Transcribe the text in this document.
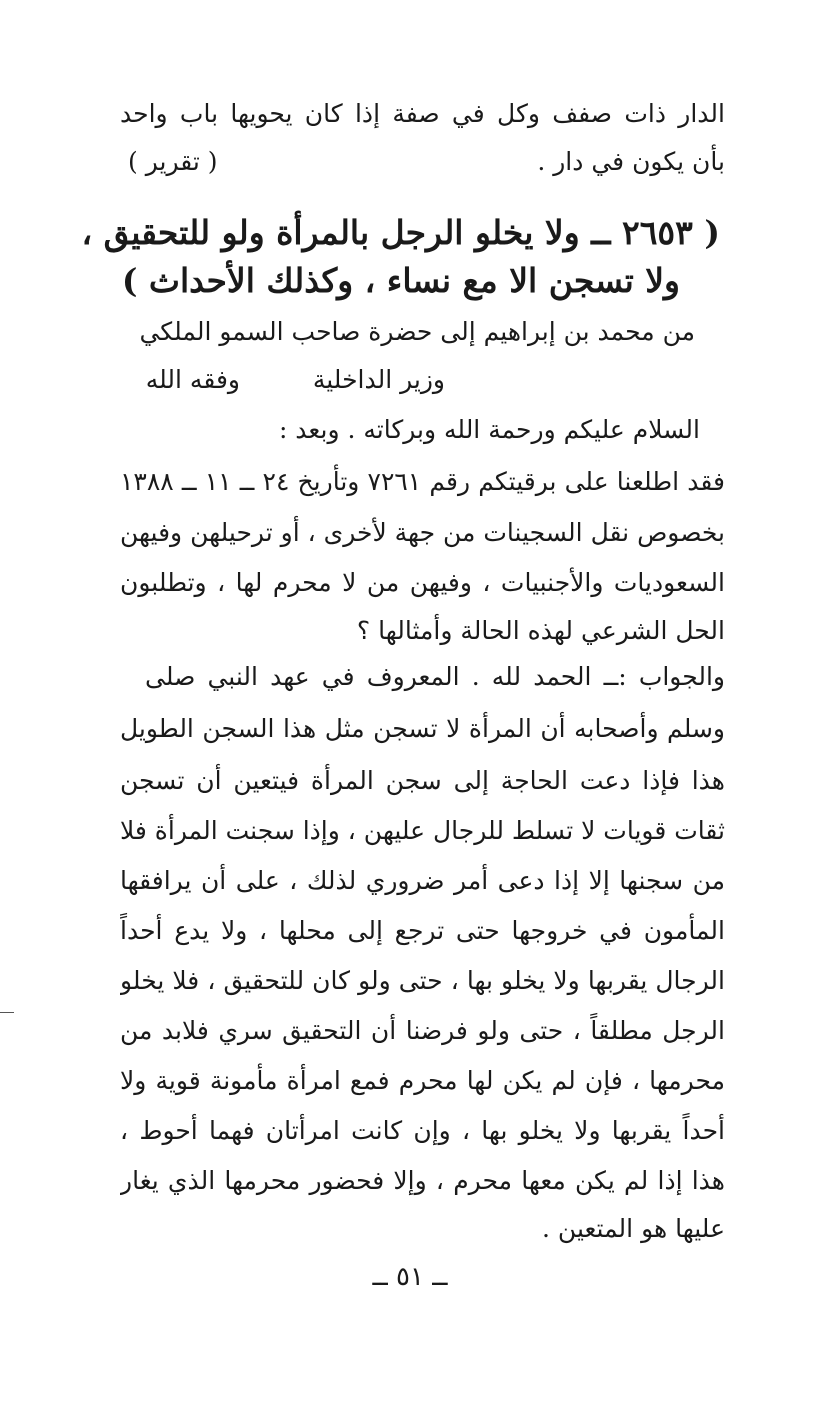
الدار ذات صفف وكل في صفة إذا كان يحويها باب واحد
بأن يكون في دار .
( تقرير )
( ٢٦٥٣ ــ ولا يخلو الرجل بالمرأة ولو للتحقيق ،
ولا تسجن الا مع نساء ، وكذلك الأحداث )
من محمد بن إبراهيم إلى حضرة صاحب السمو الملكي
وزير الداخلية
وفقه الله
السلام عليكم ورحمة الله وبركاته . وبعد :
فقد اطلعنا على برقيتكم رقم ٧٢٦١ وتأريخ ٢٤ ــ ١١ ــ ١٣٨٨
بخصوص نقل السجينات من جهة لأخرى ، أو ترحيلهن وفيهن
السعوديات والأجنبيات ، وفيهن من لا محرم لها ، وتطلبون
الحل الشرعي لهذه الحالة وأمثالها ؟
والجواب :ــ الحمد لله . المعروف في عهد النبي صلى
وسلم وأصحابه أن المرأة لا تسجن مثل هذا السجن الطويل
هذا فإذا دعت الحاجة إلى سجن المرأة فيتعين أن تسجن
ثقات قويات لا تسلط للرجال عليهن ، وإذا سجنت المرأة فلا
من سجنها إلا إذا دعى أمر ضروري لذلك ، على أن يرافقها
المأمون في خروجها حتى ترجع إلى محلها ، ولا يدع أحداً
الرجال يقربها ولا يخلو بها ، حتى ولو كان للتحقيق ، فلا يخلو
الرجل مطلقاً ، حتى ولو فرضنا أن التحقيق سري فلابد من
محرمها ، فإن لم يكن لها محرم فمع امرأة مأمونة قوية ولا
أحداً يقربها ولا يخلو بها ، وإن كانت امرأتان فهما أحوط ،
هذا إذا لم يكن معها محرم ، وإلا فحضور محرمها الذي يغار
عليها هو المتعين .
ــ ٥١ ــ
